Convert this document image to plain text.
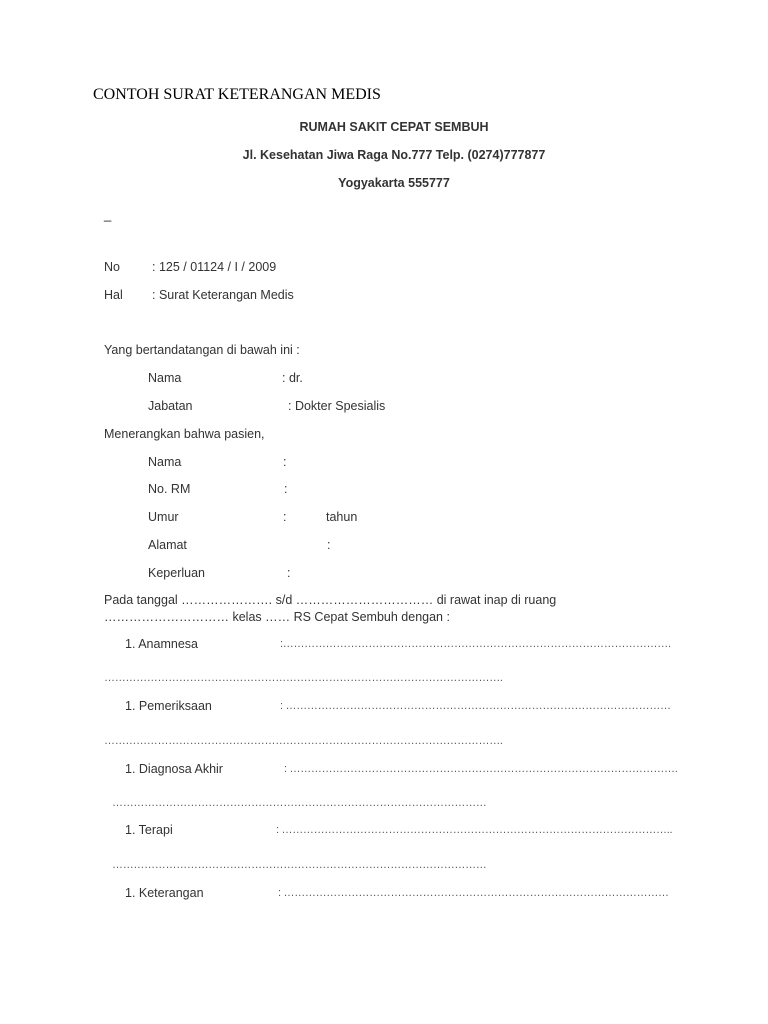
CONTOH SURAT KETERANGAN MEDIS
RUMAH SAKIT CEPAT SEMBUH
Jl. Kesehatan Jiwa Raga No.777 Telp. (0274)777877
Yogyakarta 555777
_
No	: 125 / 01124 / I / 2009
Hal : Surat Keterangan Medis
Yang bertandatangan di bawah ini :
Nama	: dr.
Jabatan	: Dokter Spesialis
Menerangkan bahwa pasien,
Nama	:
No. RM	:
Umur	:	tahun
Alamat	:
Keperluan	:
Pada tanggal …………………. s/d …………………………… di rawat inap di ruang
………………………… kelas …… RS Cepat Sembuh dengan :
1. Anamnesa	:……………………………………………………………………………………………….
………………………………………………………………………………………………….
1. Pemeriksaan	: ………………………………………………………………………………………………
………………………………………………………………………………………………….
1. Diagnosa Akhir	: ……………………………………………………………………………………………….
……………………………………………………………………………………………
1. Terapi	: ………………………………………………………………………………………………..
……………………………………………………………………………………………
1. Keterangan	: ………………………………………………………………………………………………
